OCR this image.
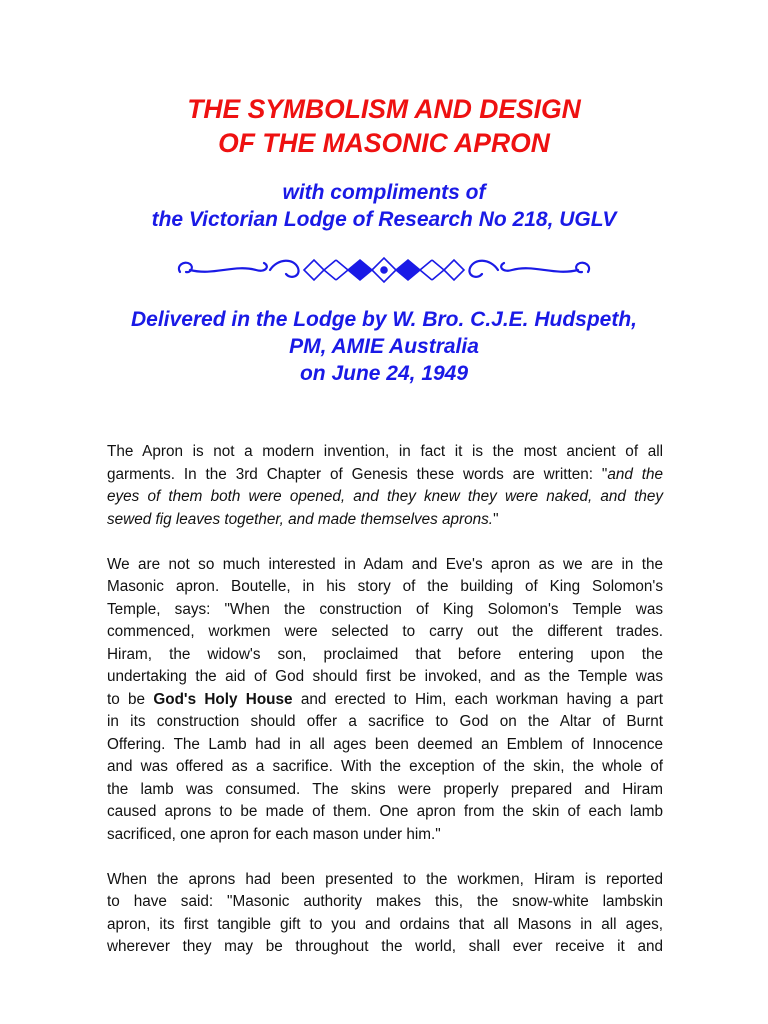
THE SYMBOLISM AND DESIGN
OF THE MASONIC APRON
with compliments of
the Victorian Lodge of Research No 218, UGLV
Delivered in the Lodge by W. Bro. C.J.E. Hudspeth,
PM, AMIE Australia
on June 24, 1949

The Apron is not a modern invention, in fact it is the most ancient of all
garments. In the 3rd Chapter of Genesis these words are written: "and the
eyes of them both were opened, and they knew they were naked, and they
sewed fig leaves together, and made themselves aprons."

We are not so much interested in Adam and Eve's apron as we are in the
Masonic apron. Boutelle, in his story of the building of King Solomon's
Temple, says: "When the construction of King Solomon's Temple was
commenced, workmen were selected to carry out the different trades.
Hiram, the widow's son, proclaimed that before entering upon the
undertaking the aid of God should first be invoked, and as the Temple was
to be God's Holy House and erected to Him, each workman having a part
in its construction should offer a sacrifice to God on the Altar of Burnt
Offering. The Lamb had in all ages been deemed an Emblem of Innocence
and was offered as a sacrifice. With the exception of the skin, the whole of
the lamb was consumed. The skins were properly prepared and Hiram
caused aprons to be made of them. One apron from the skin of each lamb
sacrificed, one apron for each mason under him."

When the aprons had been presented to the workmen, Hiram is reported
to have said: "Masonic authority makes this, the snow-white lambskin
apron, its first tangible gift to you and ordains that all Masons in all ages,
wherever they may be throughout the world, shall ever receive it and
